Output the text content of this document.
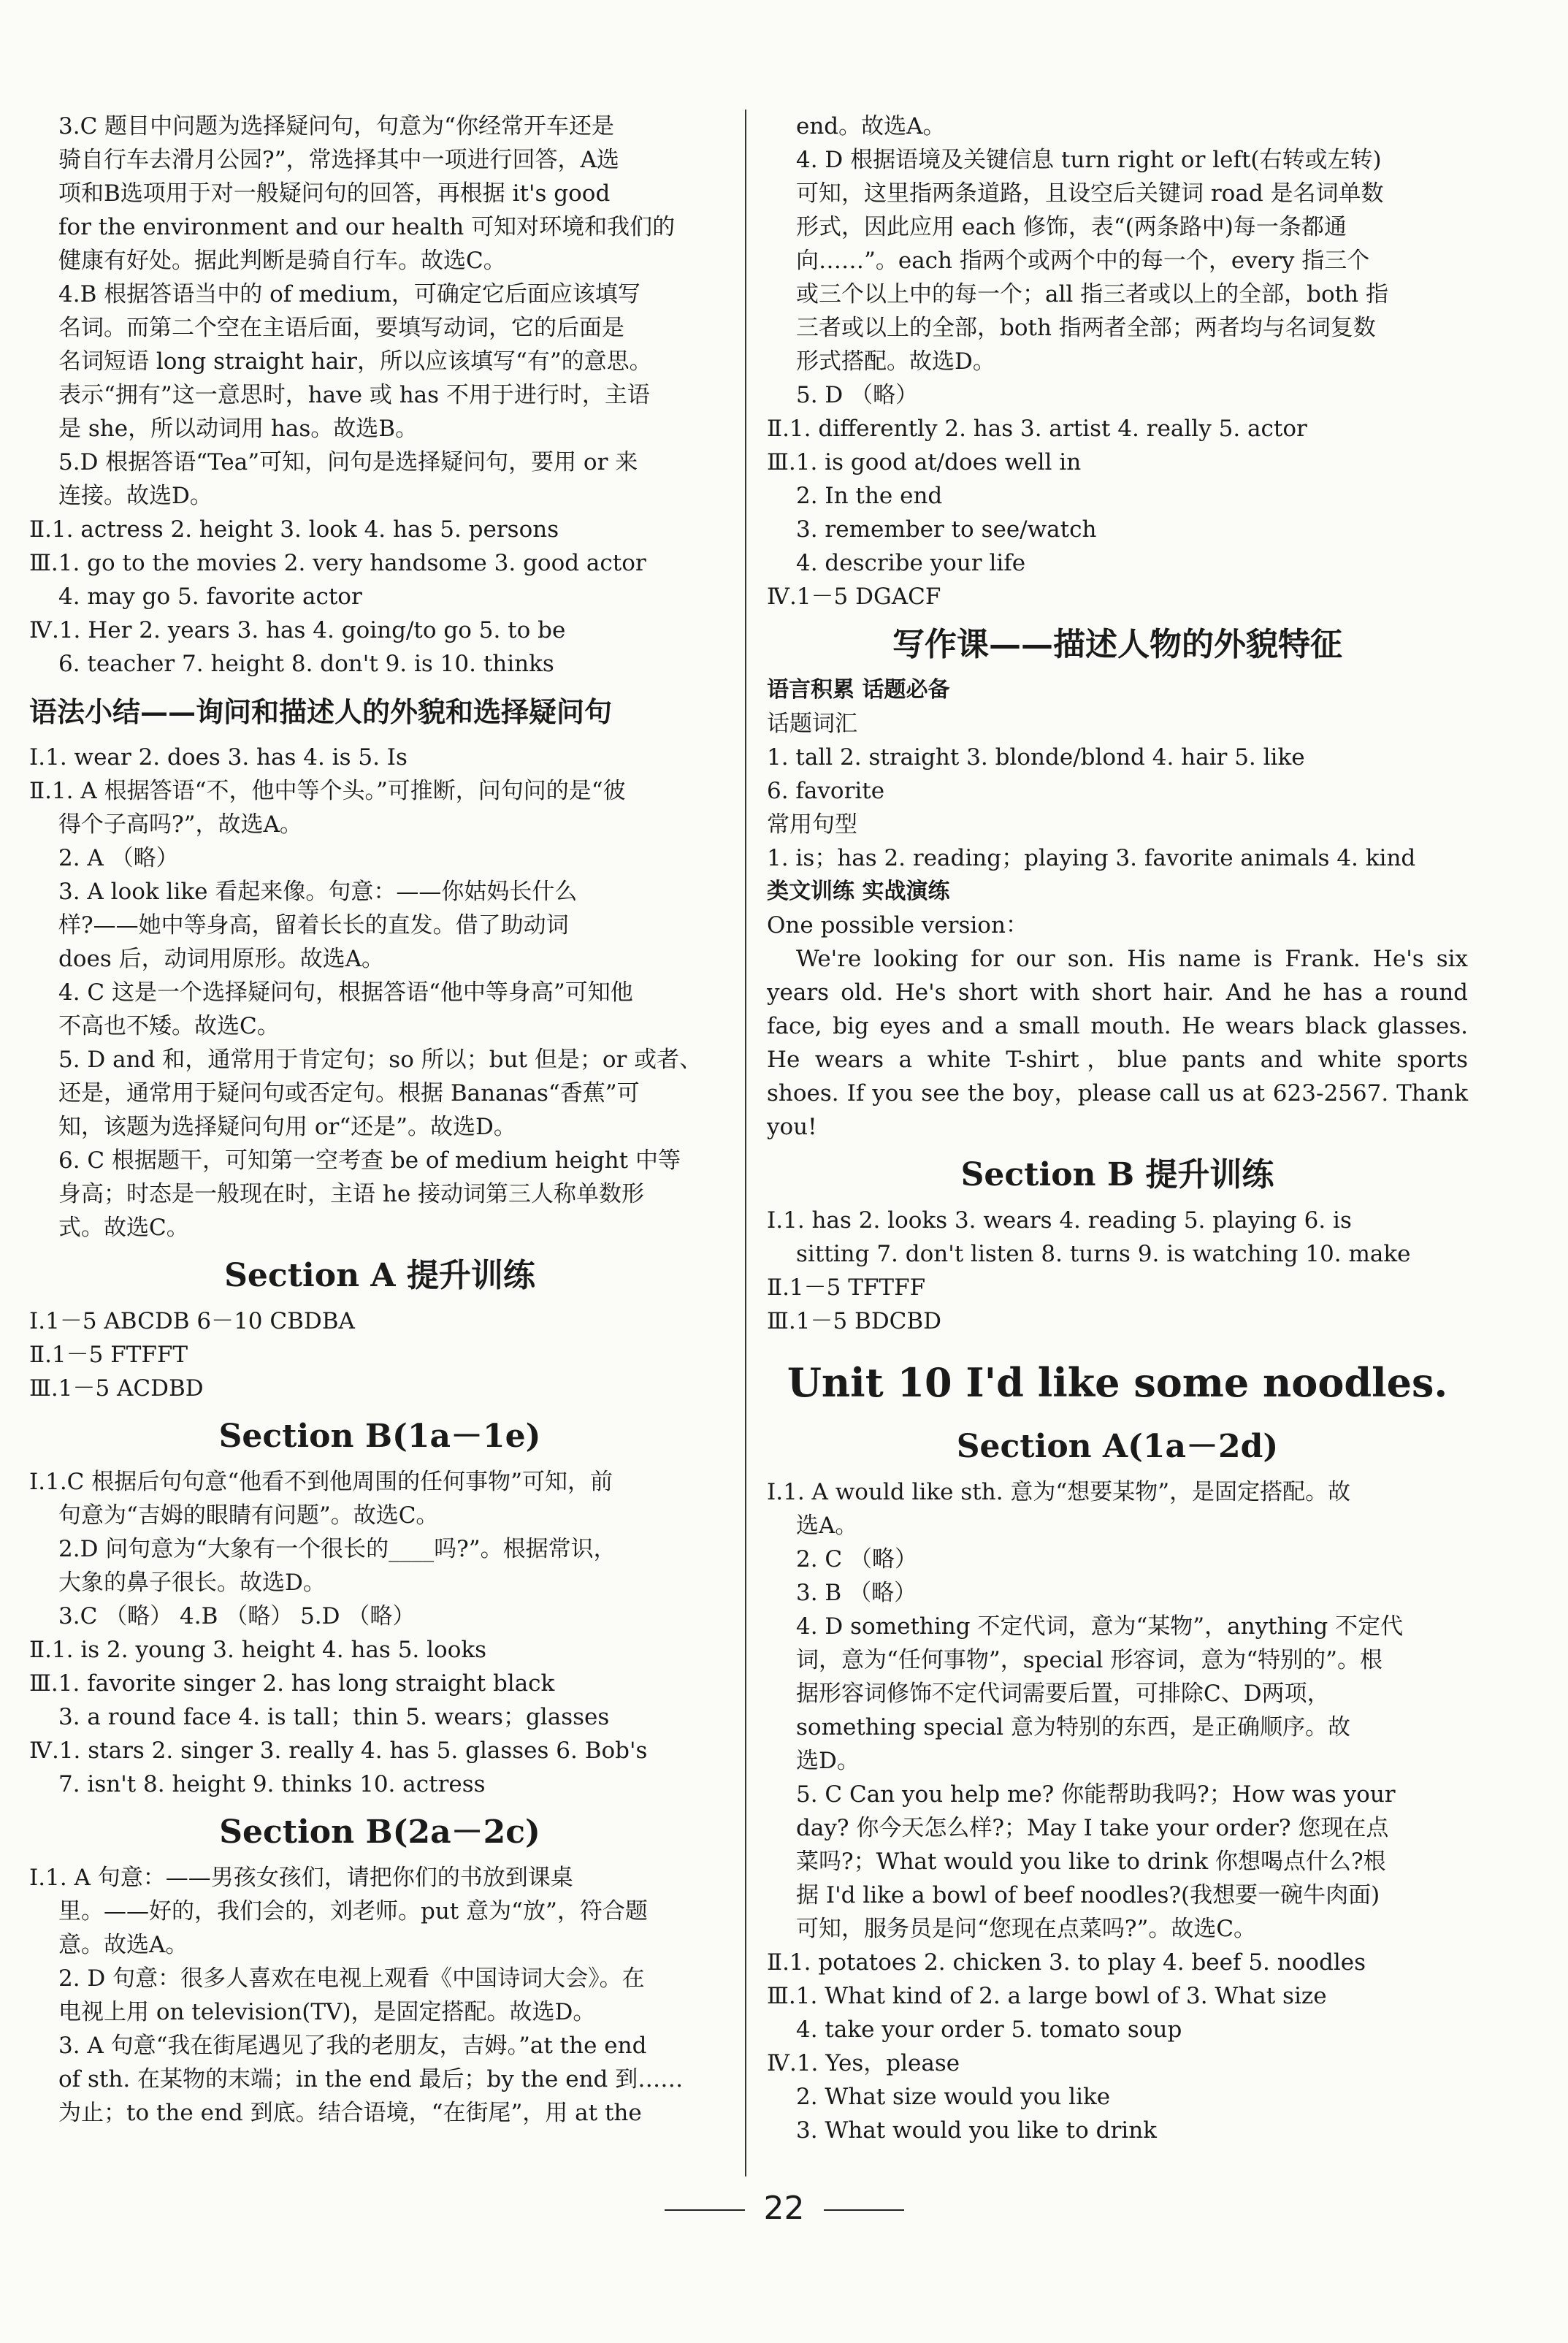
3.C 题目中问题为选择疑问句，句意为“你经常开车还是
骑自行车去滑月公园?”，常选择其中一项进行回答，A选
项和B选项用于对一般疑问句的回答，再根据 it's good
for the environment and our health 可知对环境和我们的
健康有好处。据此判断是骑自行车。故选C。
4.B 根据答语当中的 of medium，可确定它后面应该填写
名词。而第二个空在主语后面，要填写动词，它的后面是
名词短语 long straight hair，所以应该填写“有”的意思。
表示“拥有”这一意思时，have 或 has 不用于进行时，主语
是 she，所以动词用 has。故选B。
5.D 根据答语“Tea”可知，问句是选择疑问句，要用 or 来
连接。故选D。
Ⅱ.1. actress 2. height 3. look 4. has 5. persons
Ⅲ.1. go to the movies 2. very handsome 3. good actor
4. may go 5. favorite actor
Ⅳ.1. Her 2. years 3. has 4. going/to go 5. to be
6. teacher 7. height 8. don't 9. is 10. thinks
语法小结——询问和描述人的外貌和选择疑问句
Ⅰ.1. wear 2. does 3. has 4. is 5. Is
Ⅱ.1. A 根据答语“不，他中等个头。”可推断，问句问的是“彼
得个子高吗?”，故选A。
2. A （略）
3. A look like 看起来像。句意：——你姑妈长什么
样?——她中等身高，留着长长的直发。借了助动词
does 后，动词用原形。故选A。
4. C 这是一个选择疑问句，根据答语“他中等身高”可知他
不高也不矮。故选C。
5. D and 和，通常用于肯定句；so 所以；but 但是；or 或者、
还是，通常用于疑问句或否定句。根据 Bananas“香蕉”可
知，该题为选择疑问句用 or“还是”。故选D。
6. C 根据题干，可知第一空考查 be of medium height 中等
身高；时态是一般现在时，主语 he 接动词第三人称单数形
式。故选C。
Section A 提升训练
Ⅰ.1－5 ABCDB 6－10 CBDBA
Ⅱ.1－5 FTFFT
Ⅲ.1－5 ACDBD
Section B(1a－1e)
Ⅰ.1.C 根据后句句意“他看不到他周围的任何事物”可知，前
句意为“吉姆的眼睛有问题”。故选C。
2.D 问句意为“大象有一个很长的____吗?”。根据常识，
大象的鼻子很长。故选D。
3.C （略） 4.B （略） 5.D （略）
Ⅱ.1. is 2. young 3. height 4. has 5. looks
Ⅲ.1. favorite singer 2. has long straight black
3. a round face 4. is tall；thin 5. wears；glasses
Ⅳ.1. stars 2. singer 3. really 4. has 5. glasses 6. Bob's
7. isn't 8. height 9. thinks 10. actress
Section B(2a－2c)
Ⅰ.1. A 句意：——男孩女孩们，请把你们的书放到课桌
里。——好的，我们会的，刘老师。put 意为“放”，符合题
意。故选A。
2. D 句意：很多人喜欢在电视上观看《中国诗词大会》。在
电视上用 on television(TV)，是固定搭配。故选D。
3. A 句意“我在街尾遇见了我的老朋友，吉姆。”at the end
of sth. 在某物的末端；in the end 最后；by the end 到……
为止；to the end 到底。结合语境，“在街尾”，用 at the
end。故选A。
4. D 根据语境及关键信息 turn right or left(右转或左转)
可知，这里指两条道路，且设空后关键词 road 是名词单数
形式，因此应用 each 修饰，表“(两条路中)每一条都通
向……”。each 指两个或两个中的每一个，every 指三个
或三个以上中的每一个；all 指三者或以上的全部，both 指
三者或以上的全部，both 指两者全部；两者均与名词复数
形式搭配。故选D。
5. D （略）
Ⅱ.1. differently 2. has 3. artist 4. really 5. actor
Ⅲ.1. is good at/does well in
2. In the end
3. remember to see/watch
4. describe your life
Ⅳ.1－5 DGACF
写作课——描述人物的外貌特征
语言积累 话题必备
话题词汇
1. tall 2. straight 3. blonde/blond 4. hair 5. like
6. favorite
常用句型
1. is；has 2. reading；playing 3. favorite animals 4. kind
类文训练 实战演练
One possible version：
We're looking for our son. His name is Frank. He's six years old. He's short with short hair. And he has a round face, big eyes and a small mouth. He wears black glasses. He wears a white T-shirt，blue pants and white sports shoes. If you see the boy，please call us at 623-2567. Thank you!
Section B 提升训练
Ⅰ.1. has 2. looks 3. wears 4. reading 5. playing 6. is
sitting 7. don't listen 8. turns 9. is watching 10. make
Ⅱ.1－5 TFTFF
Ⅲ.1－5 BDCBD
Unit 10 I'd like some noodles.
Section A(1a－2d)
Ⅰ.1. A would like sth. 意为“想要某物”，是固定搭配。故
选A。
2. C （略）
3. B （略）
4. D something 不定代词，意为“某物”，anything 不定代
词，意为“任何事物”，special 形容词，意为“特别的”。根
据形容词修饰不定代词需要后置，可排除C、D两项，
something special 意为特别的东西，是正确顺序。故
选D。
5. C Can you help me? 你能帮助我吗?；How was your
day? 你今天怎么样?；May I take your order? 您现在点
菜吗?；What would you like to drink 你想喝点什么?根
据 I'd like a bowl of beef noodles?(我想要一碗牛肉面)
可知，服务员是问“您现在点菜吗?”。故选C。
Ⅱ.1. potatoes 2. chicken 3. to play 4. beef 5. noodles
Ⅲ.1. What kind of 2. a large bowl of 3. What size
4. take your order 5. tomato soup
Ⅳ.1. Yes，please
2. What size would you like
3. What would you like to drink
22
